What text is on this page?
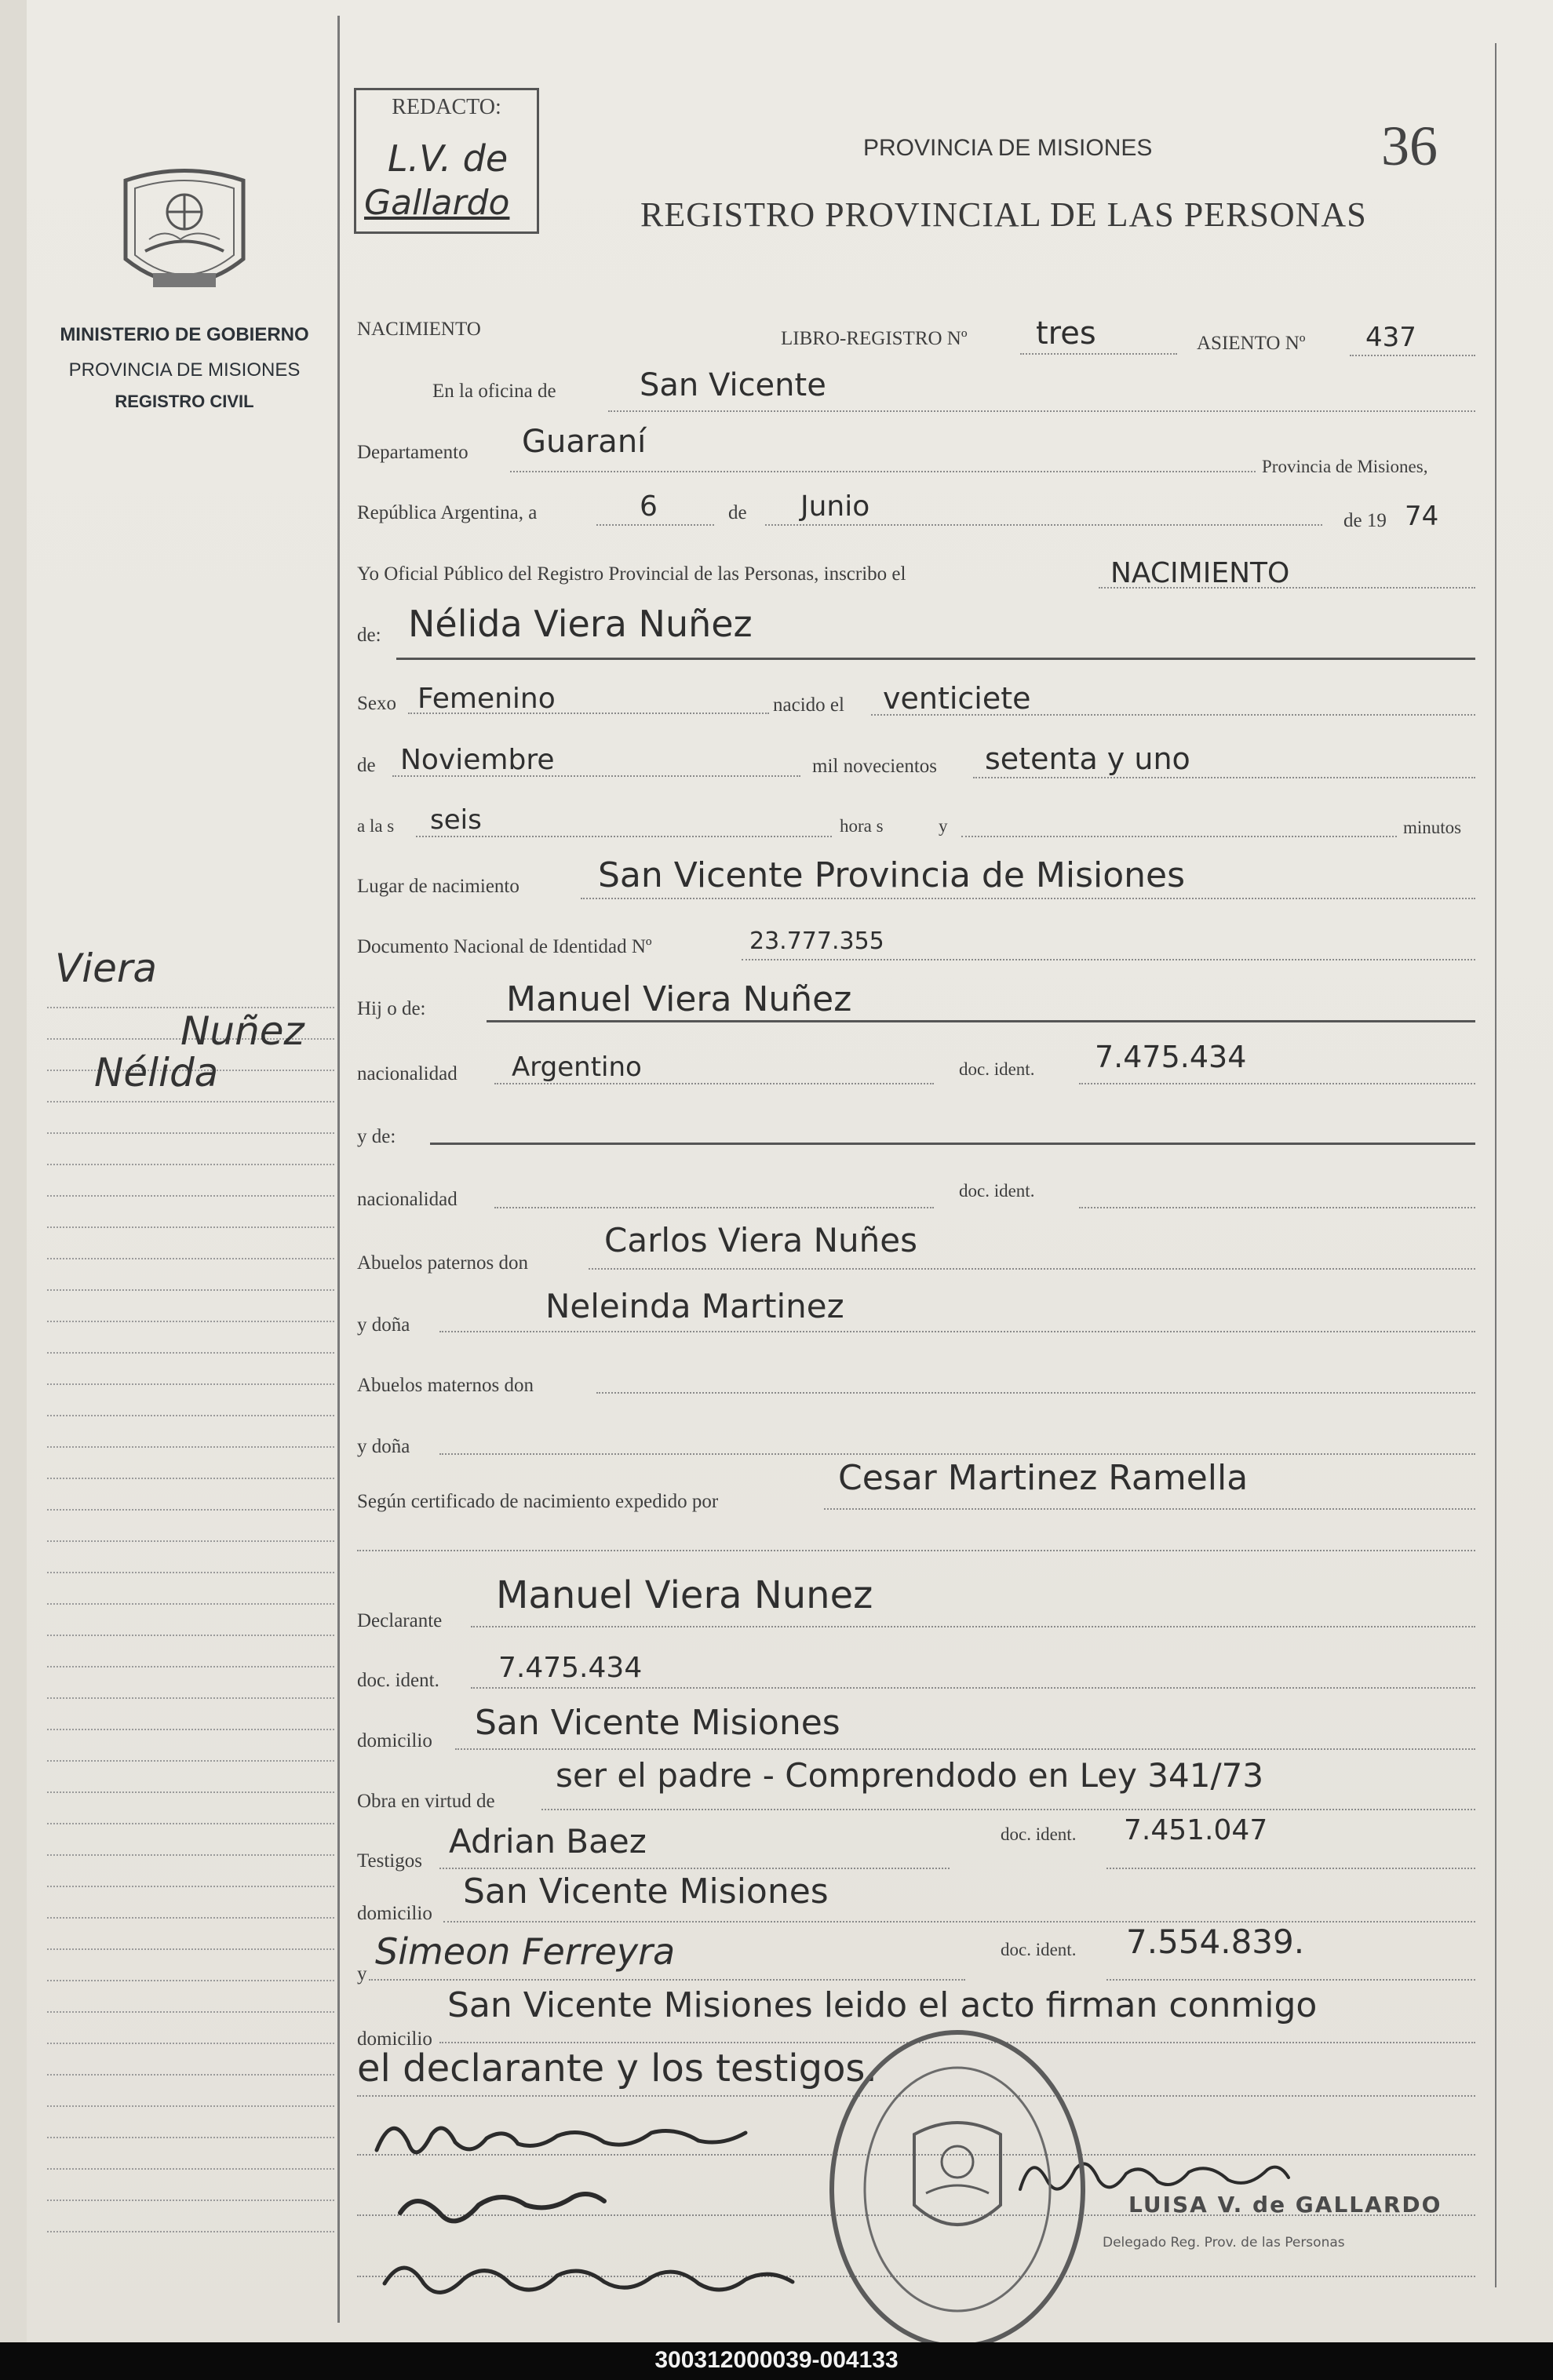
MINISTERIO DE GOBIERNO
PROVINCIA DE MISIONES
REGISTRO CIVIL
Viera
Nuñez
Nélida
REDACTO:
L.V. de
Gallardo
PROVINCIA DE MISIONES	36
REGISTRO PROVINCIAL DE LAS PERSONAS
NACIMIENTO	LIBRO-REGISTRO Nº tres	ASIENTO Nº 437
En la oficina de	San Vicente
Departamento Guaraní
Provincia de Misiones,
República Argentina, a	6	de Junio	de 19 74
Yo Oficial Público del Registro Provincial de las Personas, inscribo el	NACIMIENTO
de: Nélida Viera Nuñez
Sexo Femenino	nacido el venticiete
de Noviembre	mil novecientos setenta y uno
a la s seis	hora s	y	minutos
Lugar de nacimiento San Vicente Provincia de Misiones
Documento Nacional de Identidad Nº	23.777.355
Hij o de: Manuel Viera Nuñez
nacionalidad Argentino	doc. ident. 7.475.434
y de:
nacionalidad	doc. ident.
Abuelos paternos don
Carlos Viera Nuñes
y doña	Neleinda Martinez
Abuelos maternos don
y doña
Según certificado de nacimiento expedido por
Cesar Martinez Ramella
Declarante
Manuel Viera Nunez
doc. ident. 7.475.434
domicilio San Vicente Misiones
Obra en virtud de
ser el padre - Comprendodo en Ley 341/73
Testigos
Adrian Baez	doc. ident. 7.451.047
domicilio
San Vicente Misiones
y
Simeon Ferreyra	doc. ident. 7.554.839.
domicilio
San Vicente Misiones leido el acto firman conmigo
el declarante y los testigos.
LUISA V. de GALLARDO
Delegado Reg. Prov. de las Personas
300312000039-004133
